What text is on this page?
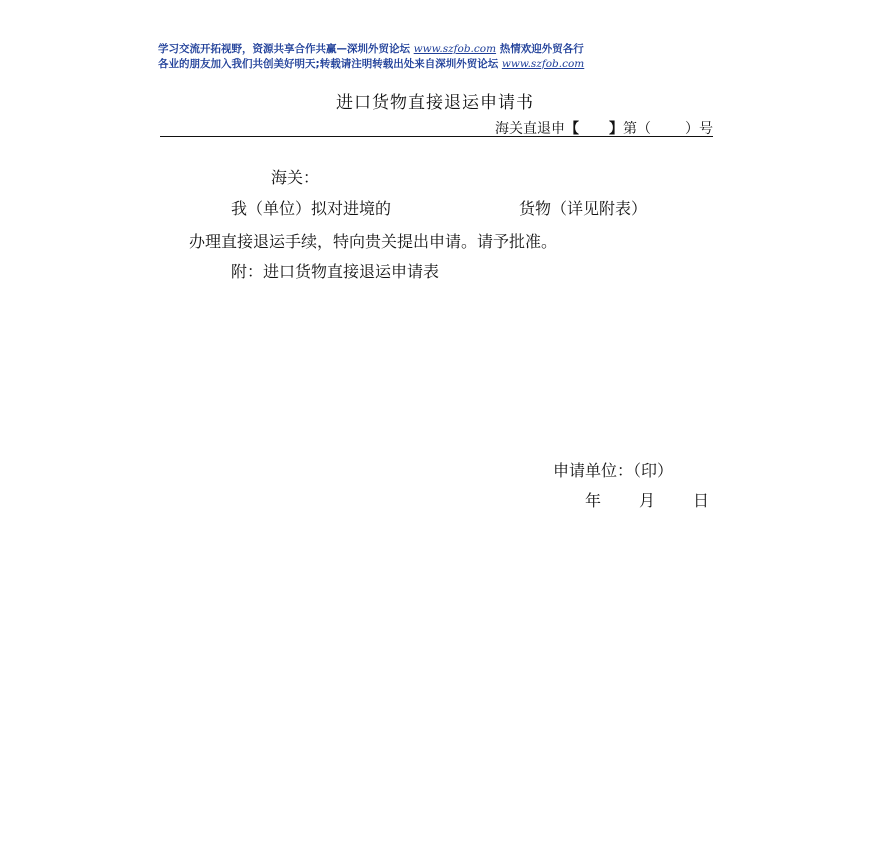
学习交流开拓视野，资源共享合作共赢—深圳外贸论坛 www.szfob.com 热情欢迎外贸各行
各业的朋友加入我们共创美好明天;转载请注明转载出处来自深圳外贸论坛 www.szfob.com
进口货物直接退运申请书
海关直退申【 】第（ ）号
海关：
我（单位）拟对进境的	货物（详见附表）
办理直接退运手续，特向贵关提出申请。请予批准。
附：进口货物直接退运申请表
申请单位：（印）
年 月 日
